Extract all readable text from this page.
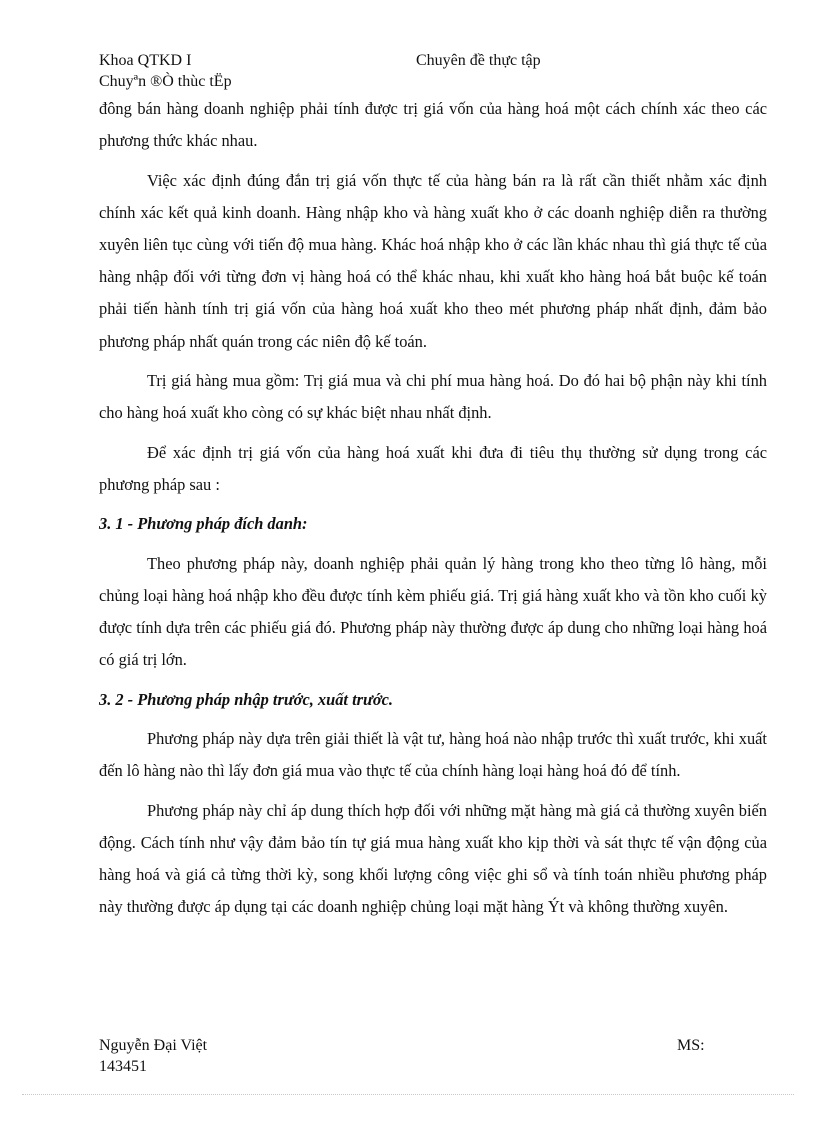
Khoa QTKD I	Chuyên đề thực tập
Chuyªn ®Ò thùc tËp

đông bán hàng doanh nghiệp phải tính được trị giá vốn của hàng hoá một cách chính xác theo các phương thức khác nhau.

Việc xác định đúng đắn trị giá vốn thực tế của hàng bán ra là rất cần thiết nhằm xác định chính xác kết quả kinh doanh. Hàng nhập kho và hàng xuất kho ở các doanh nghiệp diễn ra thường xuyên liên tục cùng với tiến độ mua hàng. Khác hoá nhập kho ở các lần khác nhau thì giá thực tế của hàng nhập đối với từng đơn vị hàng hoá có thể khác nhau, khi xuất kho hàng hoá bắt buộc kế toán phải tiến hành tính trị giá vốn của hàng hoá xuất kho theo mét phương pháp nhất định, đảm bảo phương pháp nhất quán trong các niên độ kế toán.

Trị giá hàng mua gồm: Trị giá mua và chi phí mua hàng hoá. Do đó hai bộ phận này khi tính cho hàng hoá xuất kho còng có sự khác biệt nhau nhất định.

Để xác định trị giá vốn của hàng hoá xuất khi đưa đi tiêu thụ thường sử dụng trong các phương pháp sau :

3. 1 - Phương pháp đích danh:

Theo phương pháp này, doanh nghiệp phải quản lý hàng trong kho theo từng lô hàng, mỗi chủng loại hàng hoá nhập kho đều được tính kèm phiếu giá. Trị giá hàng xuất kho và tồn kho cuối kỳ được tính dựa trên các phiếu giá đó. Phương pháp này thường được áp dung cho những loại hàng hoá có giá trị lớn.

3. 2 - Phương pháp nhập trước, xuất trước.

Phương pháp này dựa trên giải thiết là vật tư, hàng hoá nào nhập trước thì xuất trước, khi xuất đến lô hàng nào thì lấy đơn giá mua vào thực tế của chính hàng loại hàng hoá đó để tính.

Phương pháp này chỉ áp dung thích hợp đối với những mặt hàng mà giá cả thường xuyên biến động. Cách tính như vậy đảm bảo tín tự giá mua hàng xuất kho kịp thời và sát thực tế vận động của hàng hoá và giá cả từng thời kỳ, song khối lượng công việc ghi sổ và tính toán nhiều phương pháp này thường được áp dụng tại các doanh nghiệp chủng loại mặt hàng Ýt và không thường xuyên.

Nguyễn Đại Việt	MS:
143451
